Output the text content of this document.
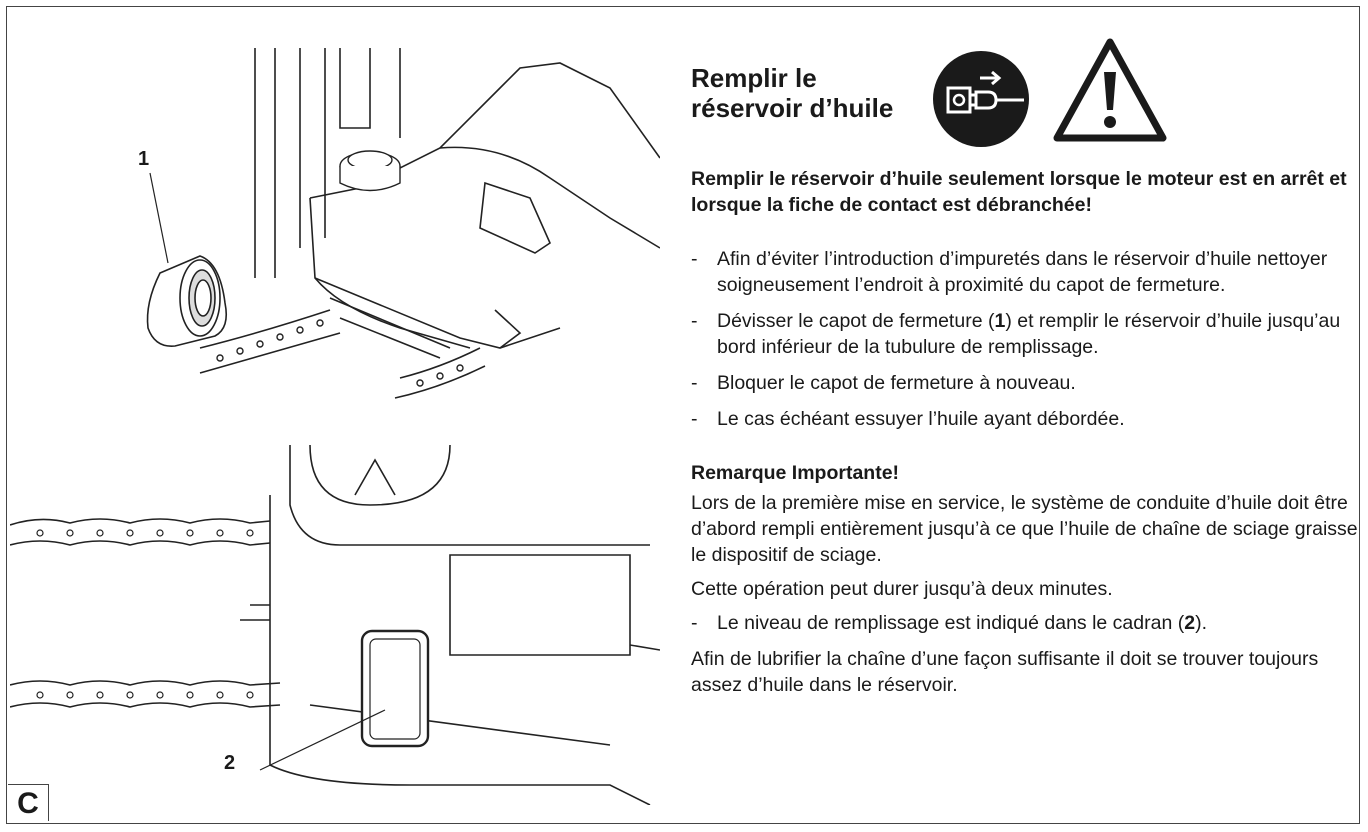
1
2
C
Remplir le
réservoir d’huile

Remplir le réservoir d’huile seulement lorsque le moteur est en arrêt et lorsque la fiche de contact est débranchée!

- Afin d’éviter l’introduction d’impuretés dans le réservoir d’huile nettoyer soigneusement l’endroit à proximité du capot de fermeture.
- Dévisser le capot de fermeture (1) et remplir le réservoir d’huile jusqu’au bord inférieur de la tubulure de remplissage.
- Bloquer le capot de fermeture à nouveau.
- Le cas échéant essuyer l’huile ayant débordée.
Remarque Importante!

Lors de la première mise en service, le système de conduite d’huile doit être d’abord rempli entièrement jusqu’à ce que l’huile de chaîne de sciage graisse le dispositif de sciage.

Cette opération peut durer jusqu’à deux minutes.

- Le niveau de remplissage est indiqué dans le cadran (2).

Afin de lubrifier la chaîne d’une façon suffisante il doit se trouver toujours assez d’huile dans le réservoir.
